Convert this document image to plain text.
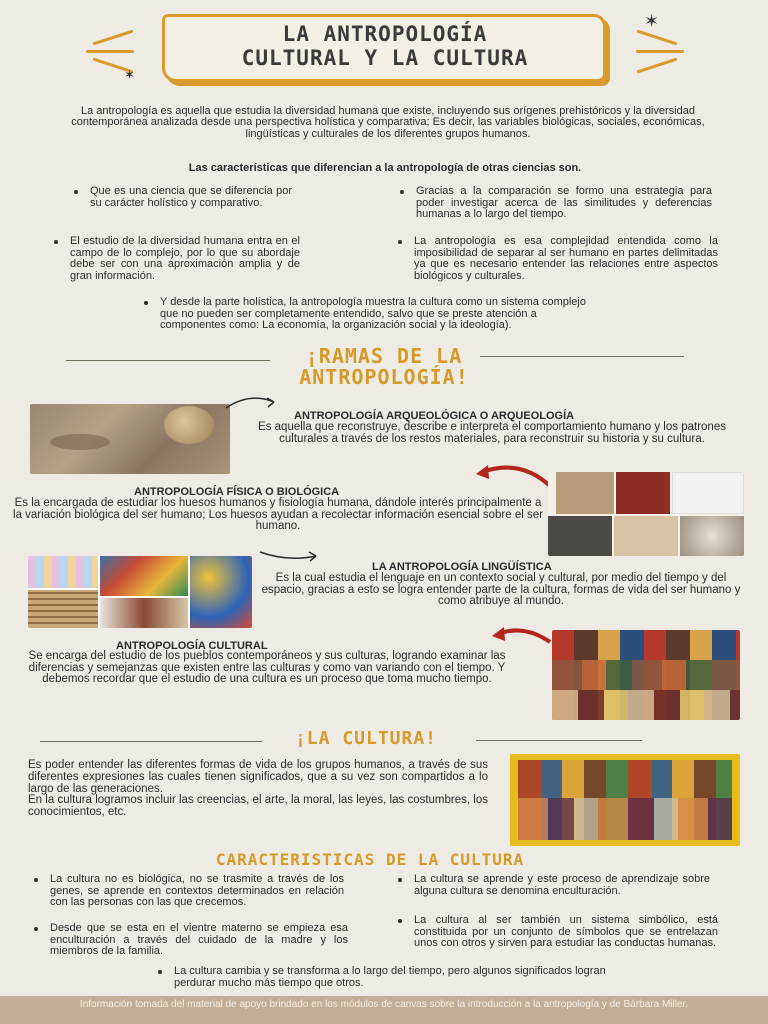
✶
✶
LA ANTROPOLOGÍA
CULTURAL Y LA CULTURA

La antropología es aquella que estudia la diversidad humana que existe, incluyendo sus orígenes prehistóricos y la diversidad contemporánea analizada desde una perspectiva holística y comparativa; Es decir, las variables biológicas, sociales, económicas, lingüísticas y culturales de los diferentes grupos humanos.

Las características que diferencian a la antropología de otras ciencias son.

Que es una ciencia que se diferencia por su carácter holístico y comparativo.
El estudio de la diversidad humana entra en el campo de lo complejo, por lo que su abordaje debe ser con una aproximación amplia y de gran información.
Gracias a la comparación se formo una estrategia para poder investigar acerca de las similitudes y deferencias humanas a lo largo del tiempo.
La antropología es esa complejidad entendida como la imposibilidad de separar al ser humano en partes delimitadas ya que es necesario entender las relaciones entre aspectos biológicos y culturales.
Y desde la parte holística, la antropología muestra la cultura como un sistema complejo que no pueden ser completamente entendido, salvo que se preste atención a componentes como: La economía, la organización social y la ideología).
¡RAMAS DE LA
ANTROPOLOGÍA!
ANTROPOLOGÍA ARQUEOLÓGICA O ARQUEOLOGÍA

Es aquella que reconstruye, describe e interpreta el comportamiento humano y los patrones culturales a través de los restos materiales, para reconstruir su historia y su cultura.

ANTROPOLOGÍA FÍSICA O BIOLÓGICA

Es la encargada de estudiar los huesos humanos y fisiología humana, dándole interés principalmente a la variación biológica del ser humano; Los huesos ayudan a recolectar información esencial sobre el ser humano.

LA ANTROPOLOGÍA LINGÜÍSTICA

Es la cual estudia el lenguaje en un contexto social y cultural, por medio del tiempo y del espacio, gracias a esto se logra entender parte de la cultura, formas de vida del ser humano y como atribuye al mundo.

ANTROPOLOGÍA CULTURAL

Se encarga del estudio de los pueblos contemporáneos y sus culturas, logrando examinar las diferencias y semejanzas que existen entre las culturas y como van variando con el tiempo. Y debemos recordar que el estudio de una cultura es un proceso que toma mucho tiempo.

¡LA CULTURA!

Es poder entender las diferentes formas de vida de los grupos humanos, a través de sus diferentes expresiones las cuales tienen significados, que a su vez son compartidos a lo largo de las generaciones.
En la cultura logramos incluir las creencias, el arte, la moral, las leyes, las costumbres, los conocimientos, etc.

CARACTERISTICAS DE LA CULTURA
La cultura no es biológica, no se trasmite a través de los genes, se aprende en contextos determinados en relación con las personas con las que crecemos.
Desde que se esta en el vientre materno se empieza esa enculturación a través del cuidado de la madre y los miembros de la familia.
La cultura se aprende y este proceso de aprendizaje sobre alguna cultura se denomina enculturación.
La cultura al ser también un sistema simbólico, está constituida por un conjunto de símbolos que se entrelazan unos con otros y sirven para estudiar las conductas humanas.
La cultura cambia y se transforma a lo largo del tiempo, pero algunos significados logran perdurar mucho más tiempo que otros.
Información tomada del material de apoyo brindado en los módulos de canvas sobre la introducción a la antropología y de Bárbara Miller.
